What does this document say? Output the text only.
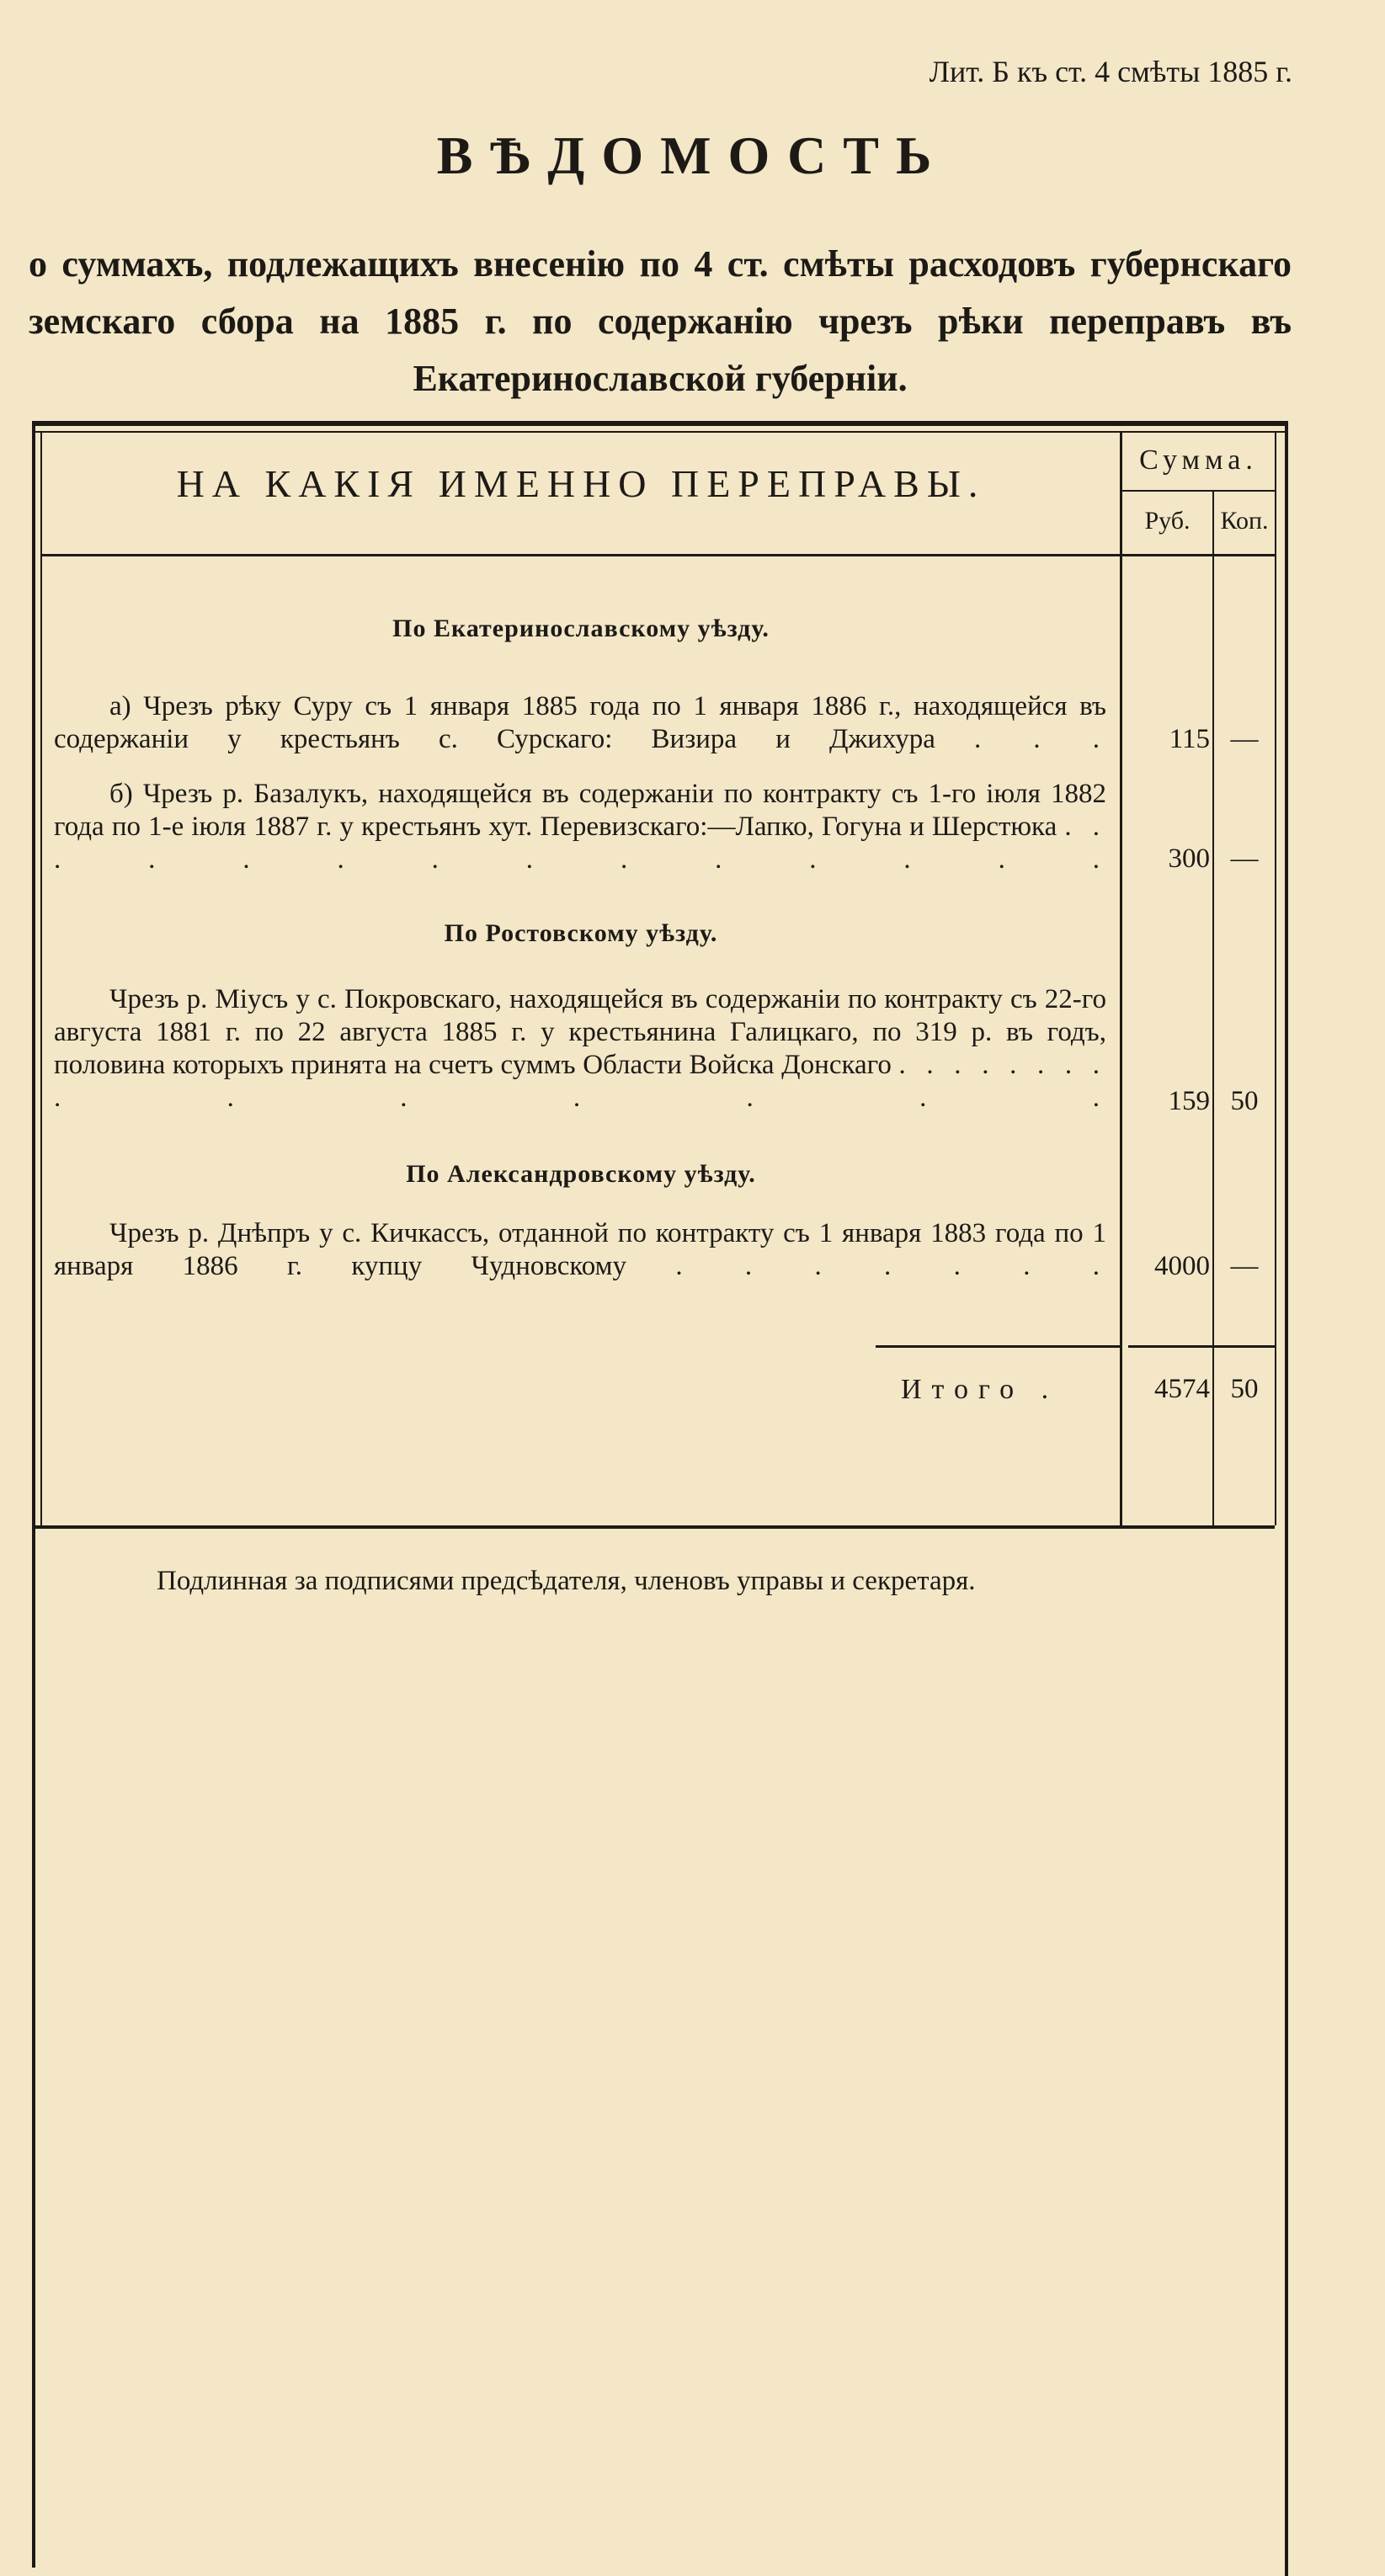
Лит. Б къ ст. 4 смѣты 1885 г.
ВѢДОМОСТЬ
о суммахъ, подлежащихъ внесенію по 4 ст. смѣты расходовъ губернскаго земскаго сбора на 1885 г. по содержанію чрезъ рѣки переправъ въ Екатеринославской губерніи.
НА КАКІЯ ИМЕННО ПЕРЕПРАВЫ.
Сумма.
Руб.	Коп.
По Екатеринославскому уѣзду.
а) Чрезъ рѣку Суру съ 1 января 1885 года по 1 января 1886 г., находящейся въ содержаніи у крестьянъ с. Сурскаго: Визира и Джихура . . .	115 —
б) Чрезъ р. Базалукъ, находящейся въ содержаніи по контракту съ 1-го іюля 1882 года по 1-е іюля 1887 г. у крестьянъ хут. Перевизскаго:—Лапко, Гогуна и Шерстюка . . . . . . . . . . . . . .	300 —
По Ростовскому уѣзду.
Чрезъ р. Міусъ у с. Покровскаго, находящейся въ содержаніи по контракту съ 22-го августа 1881 г. по 22 августа 1885 г. у крестьянина Галицкаго, по 319 р. въ годъ, половина которыхъ принята на счетъ суммъ Области Войска Донскаго . . . . . . . . . . . . . . .	159 50
По Александровскому уѣзду.
Чрезъ р. Днѣпръ у с. Кичкассъ, отданной по контракту съ 1 января 1883 года по 1 января 1886 г. купцу Чудновскому . . . . . . .	4000 —
Итого .	4574 50
Подлинная за подписями предсѣдателя, членовъ управы и секретаря.
